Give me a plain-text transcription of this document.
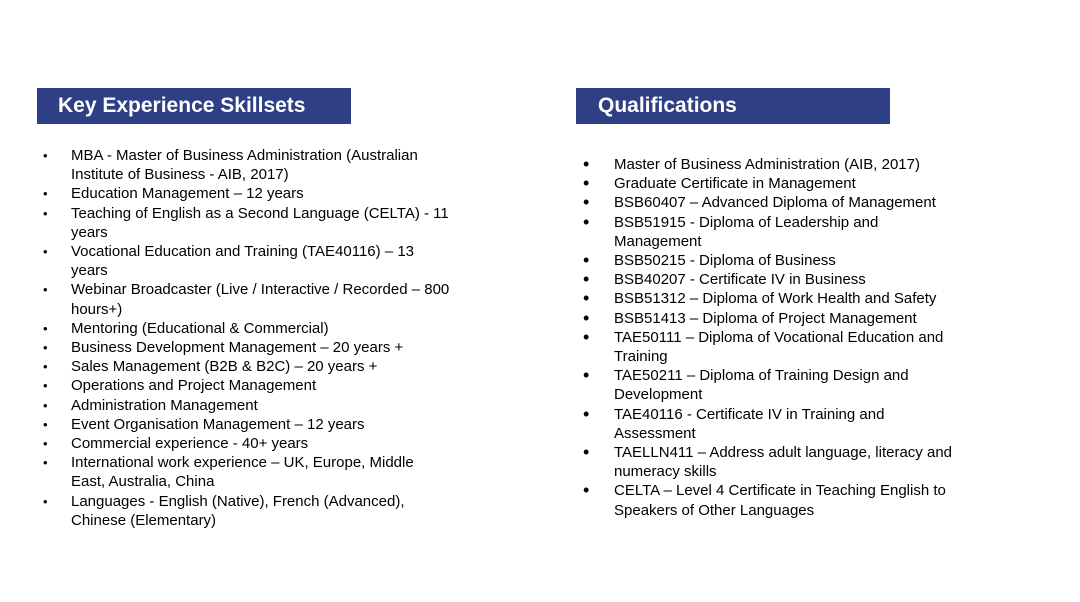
Key Experience Skillsets
• MBA - Master of Business Administration (Australian Institute of Business - AIB, 2017)
• Education Management – 12 years
• Teaching of English as a Second Language (CELTA) - 11 years
• Vocational Education and Training (TAE40116) – 13 years
• Webinar Broadcaster (Live / Interactive / Recorded – 800 hours+)
• Mentoring (Educational & Commercial)
• Business Development Management – 20 years +
• Sales Management (B2B & B2C) – 20 years +
• Operations and Project Management
• Administration Management
• Event Organisation Management – 12 years
• Commercial experience - 40+ years
• International work experience – UK, Europe, Middle East, Australia, China
• Languages - English (Native), French (Advanced), Chinese (Elementary)
Qualifications
• Master of Business Administration (AIB, 2017)
• Graduate Certificate in Management
• BSB60407 – Advanced Diploma of Management
• BSB51915 - Diploma of Leadership and Management
• BSB50215 - Diploma of Business
• BSB40207 - Certificate IV in Business
• BSB51312 – Diploma of Work Health and Safety
• BSB51413 – Diploma of Project Management
• TAE50111 – Diploma of Vocational Education and Training
• TAE50211 – Diploma of Training Design and Development
• TAE40116 - Certificate IV in Training and Assessment
• TAELLN411 – Address adult language, literacy and numeracy skills
• CELTA – Level 4 Certificate in Teaching English to Speakers of Other Languages
